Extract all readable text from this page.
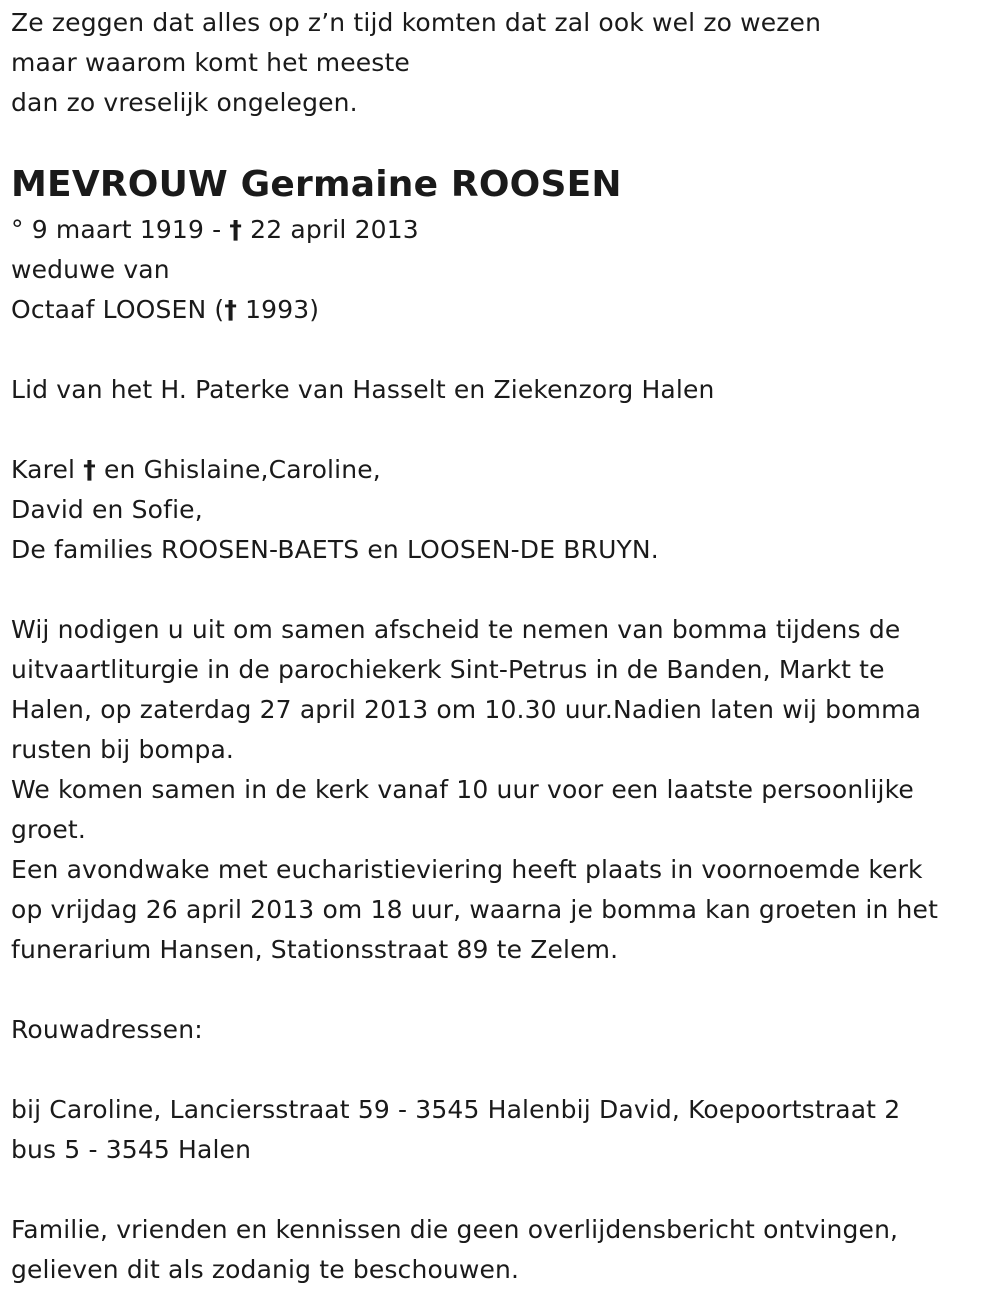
Ze zeggen dat alles op z’n tijd komten dat zal ook wel zo wezen
maar waarom komt het meeste
dan zo vreselijk ongelegen.
MEVROUW Germaine ROOSEN
° 9 maart 1919 - † 22 april 2013
weduwe van
Octaaf LOOSEN († 1993)
Lid van het H. Paterke van Hasselt en Ziekenzorg Halen
Karel † en Ghislaine,Caroline,
David en Sofie,
De families ROOSEN-BAETS en LOOSEN-DE BRUYN.
Wij nodigen u uit om samen afscheid te nemen van bomma tijdens de
uitvaartliturgie in de parochiekerk Sint-Petrus in de Banden, Markt te
Halen, op zaterdag 27 april 2013 om 10.30 uur.Nadien laten wij bomma
rusten bij bompa.
We komen samen in de kerk vanaf 10 uur voor een laatste persoonlijke
groet.
Een avondwake met eucharistieviering heeft plaats in voornoemde kerk
op vrijdag 26 april 2013 om 18 uur, waarna je bomma kan groeten in het
funerarium Hansen, Stationsstraat 89 te Zelem.
Rouwadressen:
bij Caroline, Lanciersstraat 59 - 3545 Halenbij David, Koepoortstraat 2
bus 5 - 3545 Halen
Familie, vrienden en kennissen die geen overlijdensbericht ontvingen,
gelieven dit als zodanig te beschouwen.
